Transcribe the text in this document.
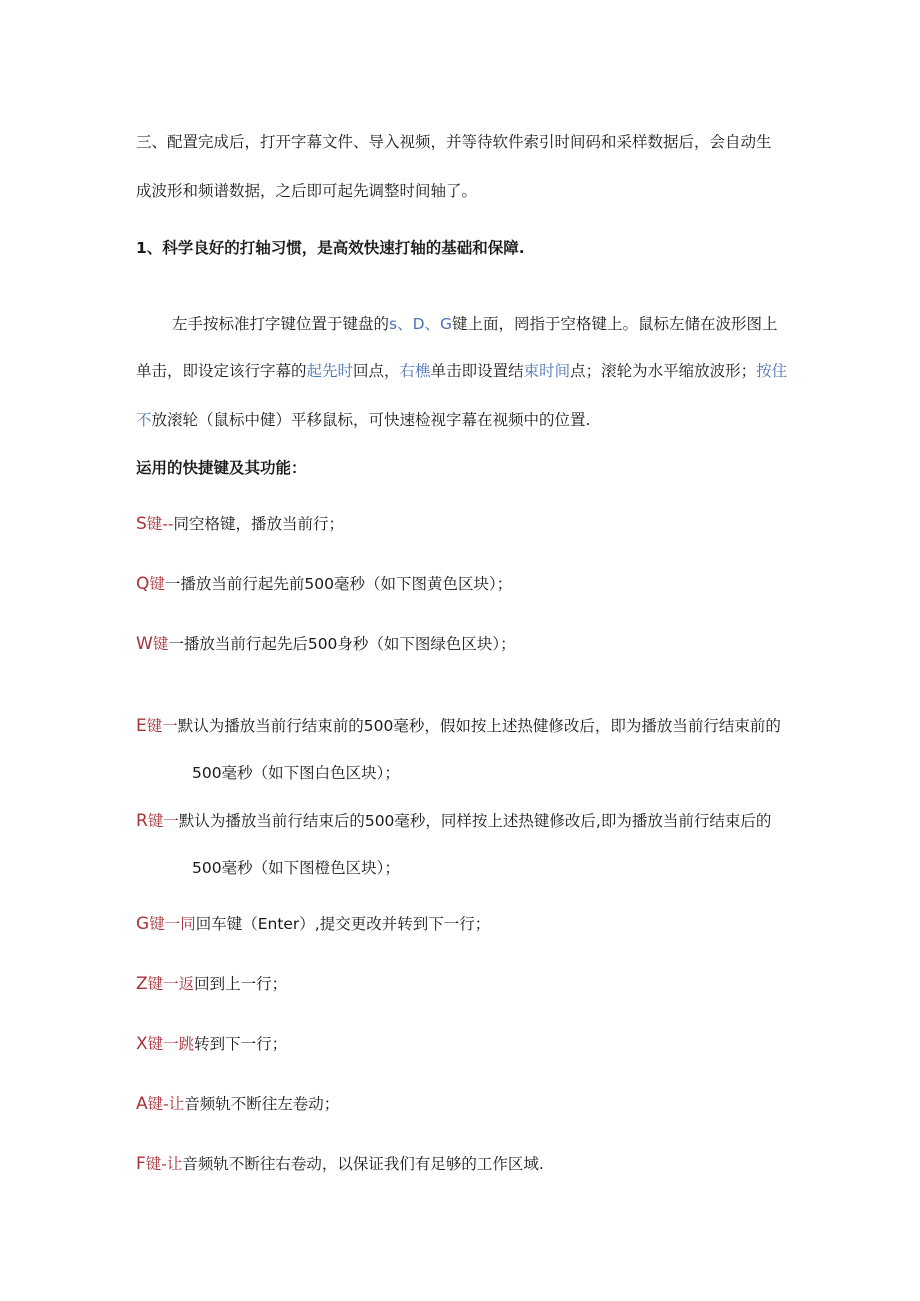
三、配置完成后，打开字幕文件、导入视频，并等待软件索引时间码和采样数据后，会自动生
成波形和频谱数据，之后即可起先调整时间轴了。
1、科学良好的打轴习惯，是高效快速打轴的基础和保障.
左手按标准打字键位置于键盘的s、D、G键上面，罔指于空格键上。鼠标左储在波形图上
单击，即设定该行字幕的起先时回点，右樵单击即设置结束时间点；滚轮为水平缩放波形；按住
不放滚轮（鼠标中健）平移鼠标，可快速检视字幕在视频中的位置.
运用的快捷键及其功能：
S键--同空格键，播放当前行；
Q键一播放当前行起先前500毫秒（如下图黄色区块）；
W键一播放当前行起先后500身秒（如下图绿色区块）；
E键一默认为播放当前行结束前的500毫秒，假如按上述热健修改后，即为播放当前行结束前的
500毫秒（如下图白色区块）；
R键一默认为播放当前行结束后的500毫秒，同样按上述热键修改后,即为播放当前行结束后的
500毫秒（如下图橙色区块）；
G键一同回车键（Enter）,提交更改并转到下一行；
Z键一返回到上一行；
X键一跳转到下一行；
A键-让音频轨不断往左卷动；
F键-让音频轨不断往右卷动，以保证我们有足够的工作区域.
